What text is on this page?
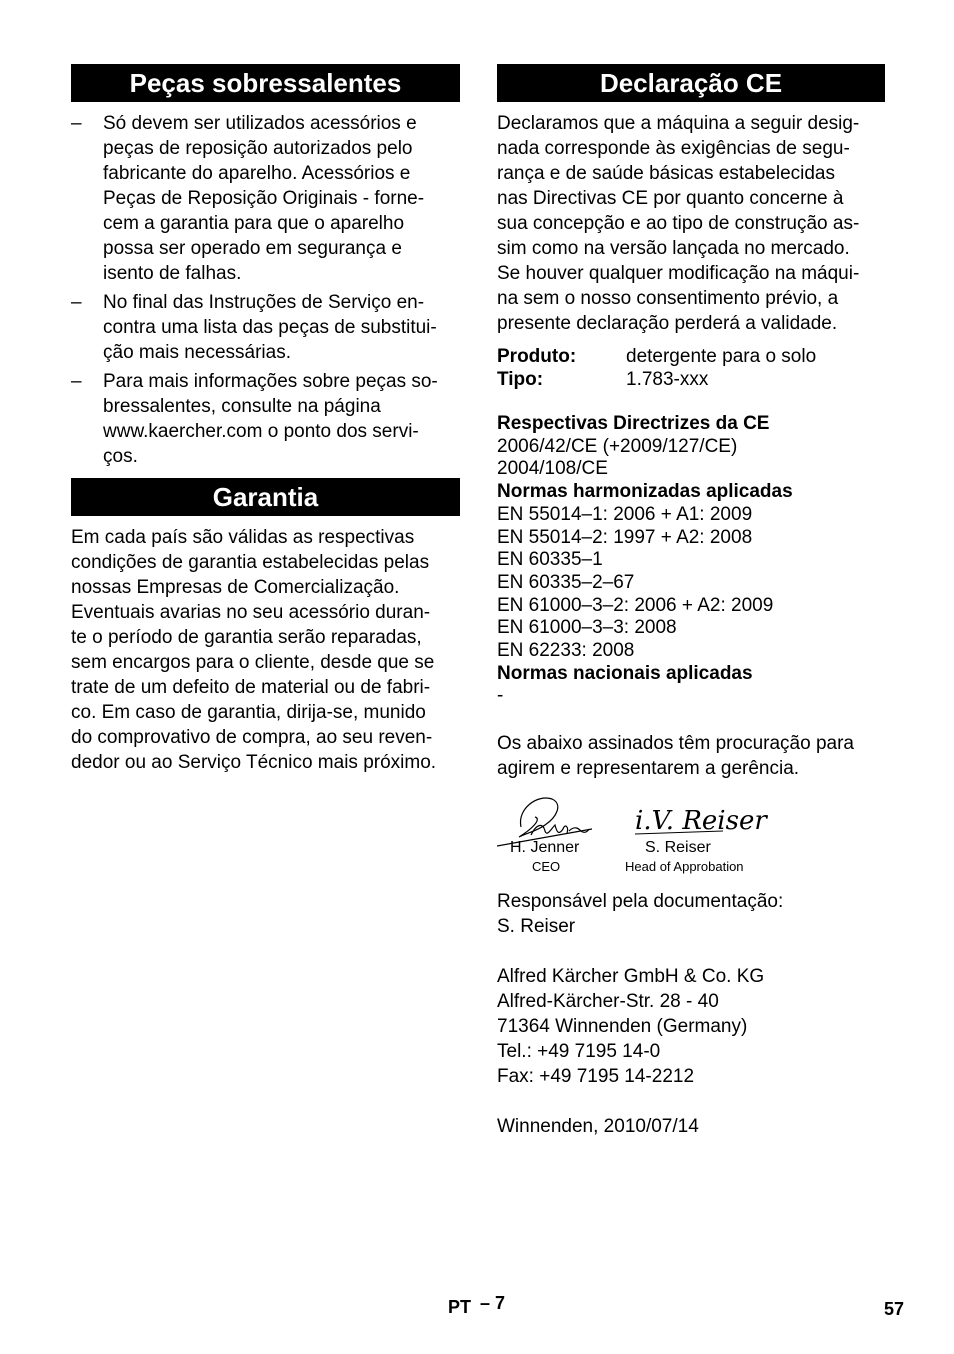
Peças sobressalentes
– Só devem ser utilizados acessórios e
peças de reposição autorizados pelo
fabricante do aparelho. Acessórios e
Peças de Reposição Originais - forne-
cem a garantia para que o aparelho
possa ser operado em segurança e
isento de falhas.
– No final das Instruções de Serviço en-
contra uma lista das peças de substitui-
ção mais necessárias.
– Para mais informações sobre peças so-
bressalentes, consulte na página
www.kaercher.com o ponto dos servi-
ços.
Garantia
Em cada país são válidas as respectivas
condições de garantia estabelecidas pelas
nossas Empresas de Comercialização.
Eventuais avarias no seu acessório duran-
te o período de garantia serão reparadas,
sem encargos para o cliente, desde que se
trate de um defeito de material ou de fabri-
co. Em caso de garantia, dirija-se, munido
do comprovativo de compra, ao seu reven-
dedor ou ao Serviço Técnico mais próximo.
Declaração CE
Declaramos que a máquina a seguir desig-
nada corresponde às exigências de segu-
rança e de saúde básicas estabelecidas
nas Directivas CE por quanto concerne à
sua concepção e ao tipo de construção as-
sim como na versão lançada no mercado.
Se houver qualquer modificação na máqui-
na sem o nosso consentimento prévio, a
presente declaração perderá a validade.
Produto:	detergente para o solo
Tipo:	1.783-xxx
Respectivas Directrizes da CE
2006/42/CE (+2009/127/CE)
2004/108/CE
Normas harmonizadas aplicadas
EN 55014–1: 2006 + A1: 2009
EN 55014–2: 1997 + A2: 2008
EN 60335–1
EN 60335–2–67
EN 61000–3–2: 2006 + A2: 2009
EN 61000–3–3: 2008
EN 62233: 2008
Normas nacionais aplicadas
-
Os abaixo assinados têm procuração para
agirem e representarem a gerência.
i.V. Reiser
H. Jenner
CEO
S. Reiser
Head of Approbation
Responsável pela documentação:
S. Reiser
Alfred Kärcher GmbH & Co. KG
Alfred-Kärcher-Str. 28 - 40
71364 Winnenden (Germany)
Tel.: +49 7195 14-0
Fax: +49 7195 14-2212
Winnenden, 2010/07/14
PT – 7	57
